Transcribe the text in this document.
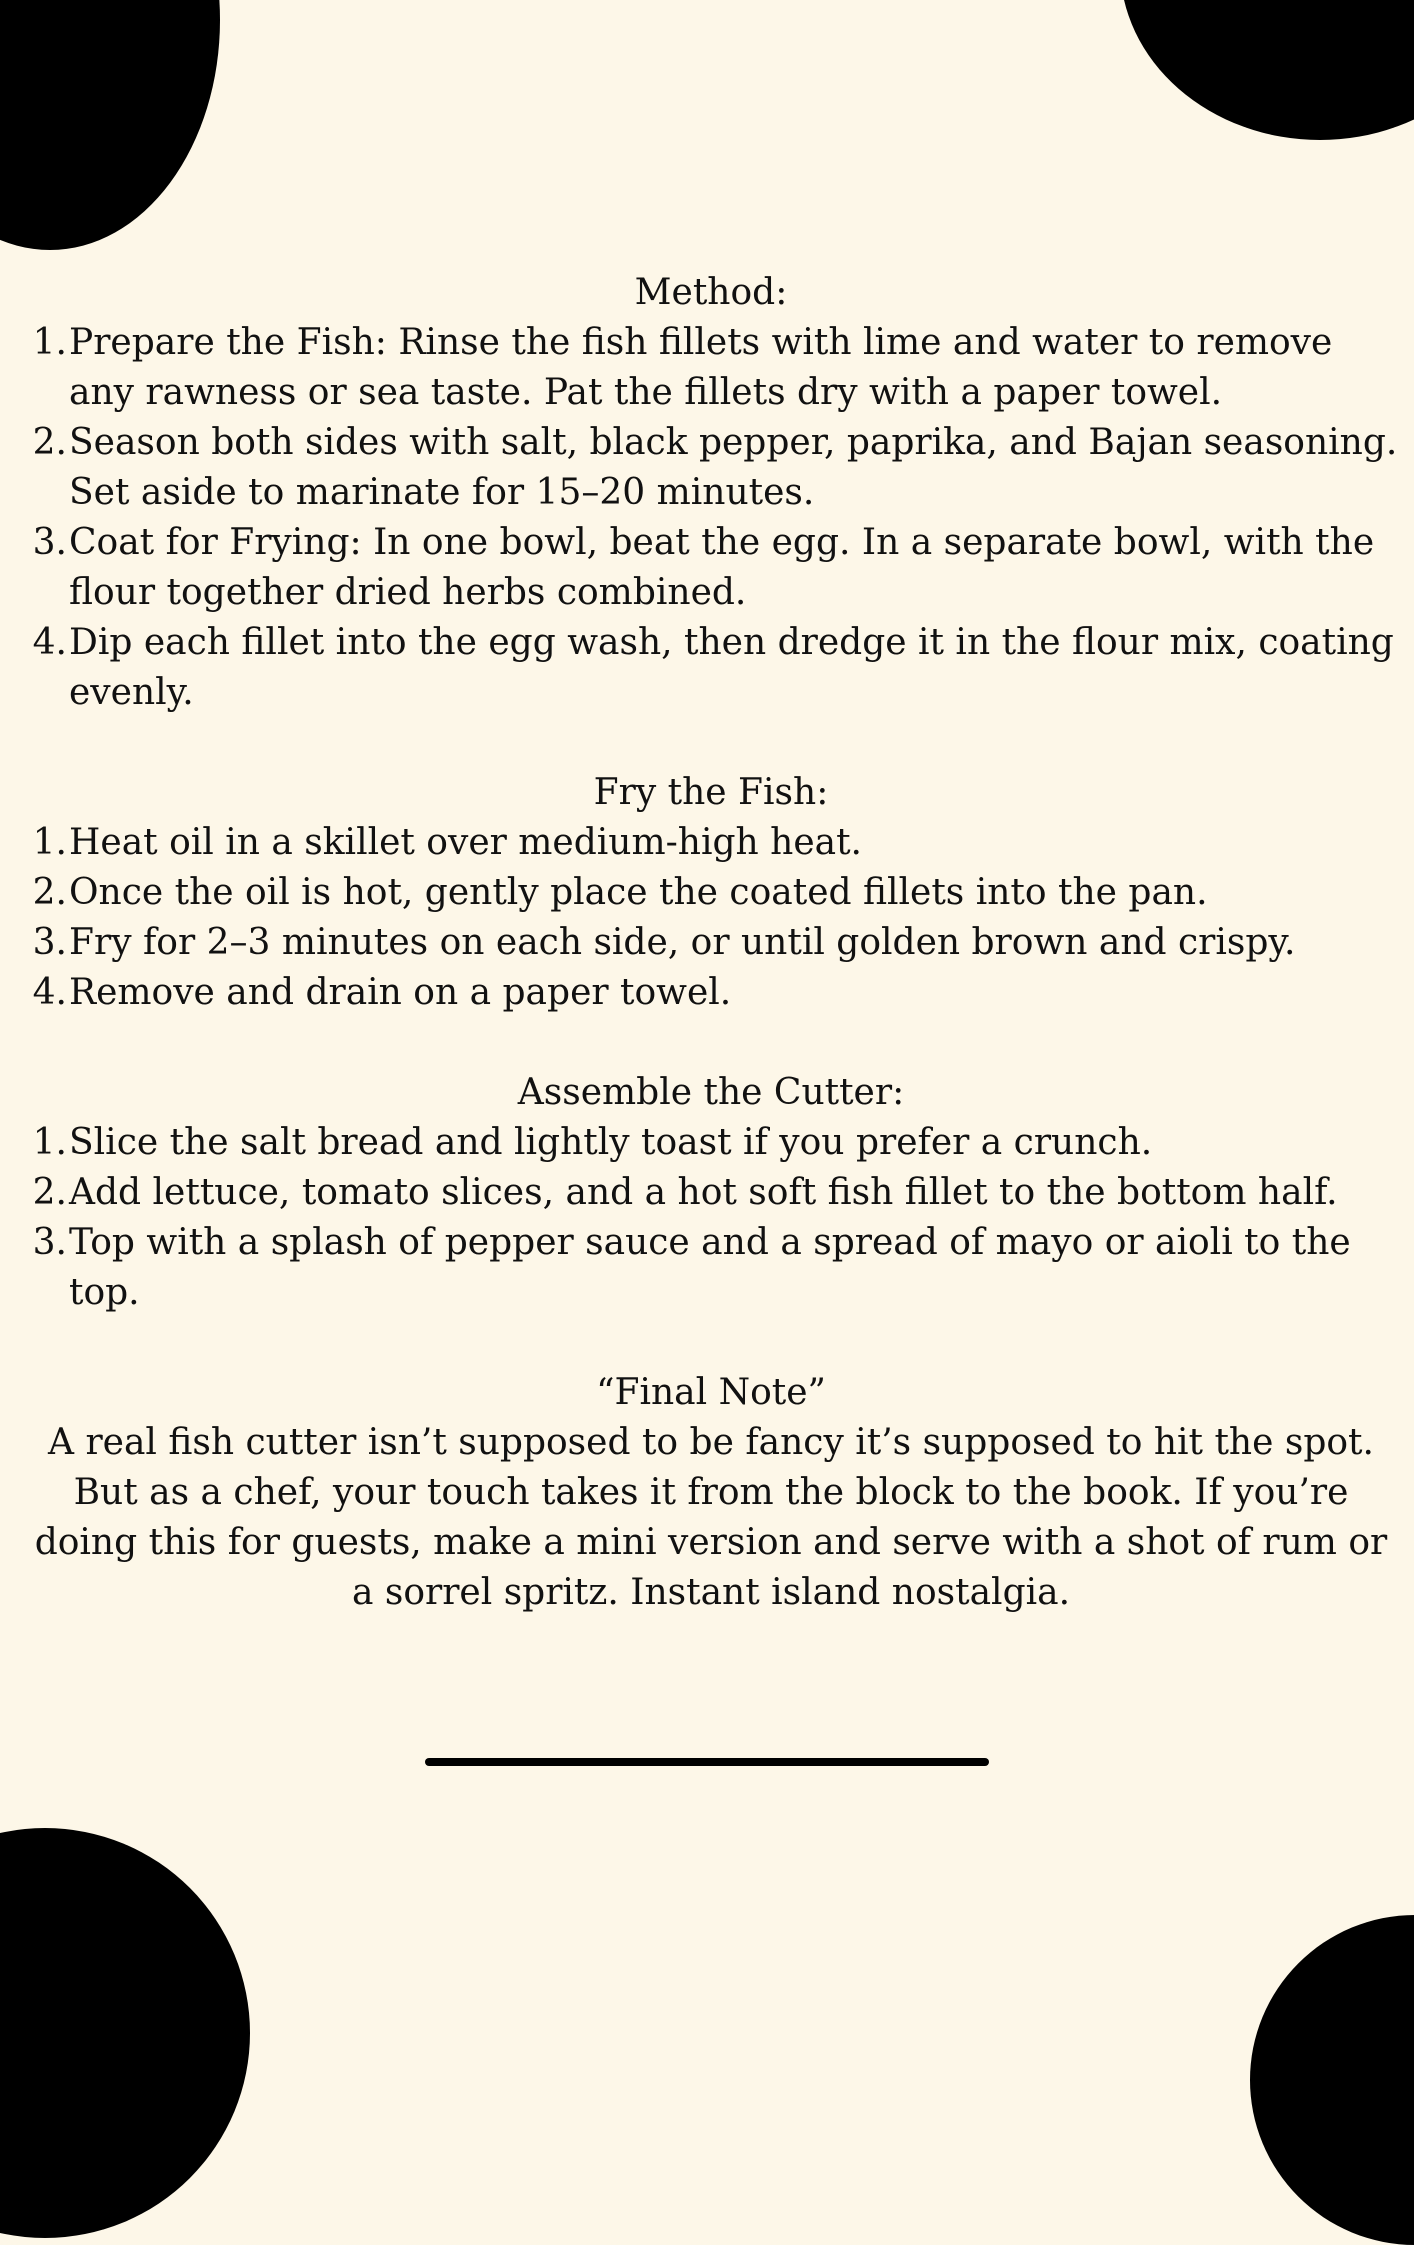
Method:
1. Prepare the Fish: Rinse the fish fillets with lime and water to remove any rawness or sea taste. Pat the fillets dry with a paper towel.
2. Season both sides with salt, black pepper, paprika, and Bajan seasoning. Set aside to marinate for 15–20 minutes.
3. Coat for Frying: In one bowl, beat the egg. In a separate bowl, with the flour together dried herbs combined.
4. Dip each fillet into the egg wash, then dredge it in the flour mix, coating evenly.
Fry the Fish:
1. Heat oil in a skillet over medium-high heat.
2. Once the oil is hot, gently place the coated fillets into the pan.
3. Fry for 2–3 minutes on each side, or until golden brown and crispy.
4. Remove and drain on a paper towel.
Assemble the Cutter:
1. Slice the salt bread and lightly toast if you prefer a crunch.
2. Add lettuce, tomato slices, and a hot soft fish fillet to the bottom half.
3. Top with a splash of pepper sauce and a spread of mayo or aioli to the top.
“Final Note”

A real fish cutter isn’t supposed to be fancy it’s supposed to hit the spot. But as a chef, your touch takes it from the block to the book. If you’re doing this for guests, make a mini version and serve with a shot of rum or a sorrel spritz. Instant island nostalgia.
